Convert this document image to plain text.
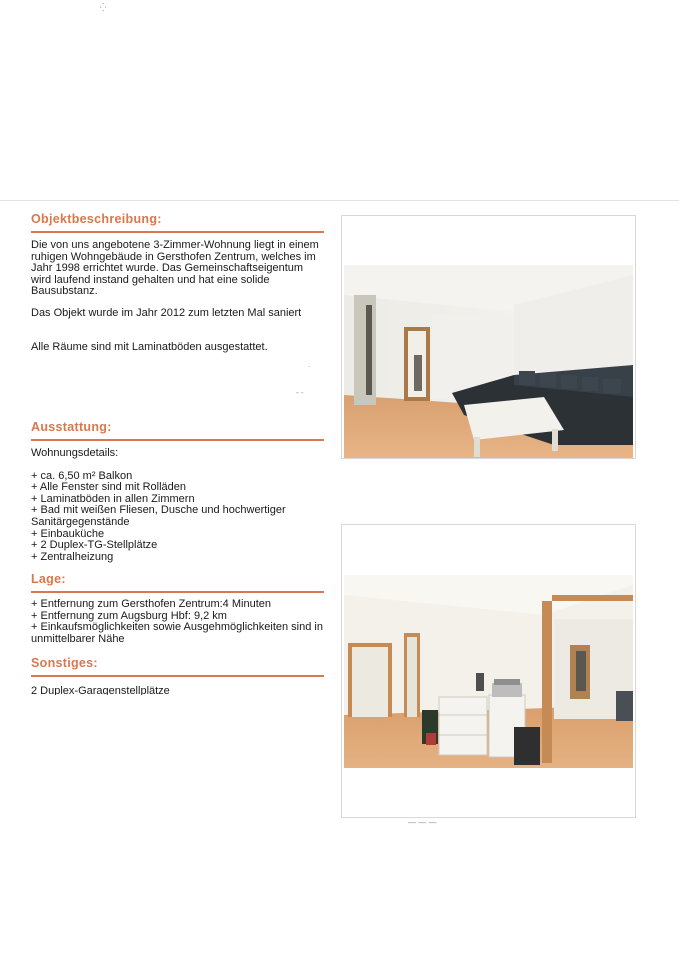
Objektbeschreibung:

Die von uns angebotene 3-Zimmer-Wohnung liegt in einem ruhigen Wohngebäude in Gersthofen Zentrum, welches im Jahr 1998 errichtet wurde. Das Gemeinschaftseigentum wird laufend instand gehalten und hat eine solide Bausubstanz.

Das Objekt wurde im Jahr 2012 zum letzten Mal saniert

Alle Räume sind mit Laminatböden ausgestattet.

Ausstattung:

Wohnungsdetails:

+ ca. 6,50 m² Balkon
+ Alle Fenster sind mit Rolläden
+ Laminatböden in allen Zimmern
+ Bad mit weißen Fliesen, Dusche und hochwertiger Sanitärgegenstände
+ Einbauküche
+ 2 Duplex-TG-Stellplätze
+ Zentralheizung
Lage:
+ Entfernung zum Gersthofen Zentrum:4 Minuten
+ Entfernung zum Augsburg Hbf: 9,2 km
+ Einkaufsmöglichkeiten sowie Ausgehmöglichkeiten sind in unmittelbarer Nähe
Sonstiges:

2 Duplex-Garagenstellplätze

⁛
.
- -
— — —
